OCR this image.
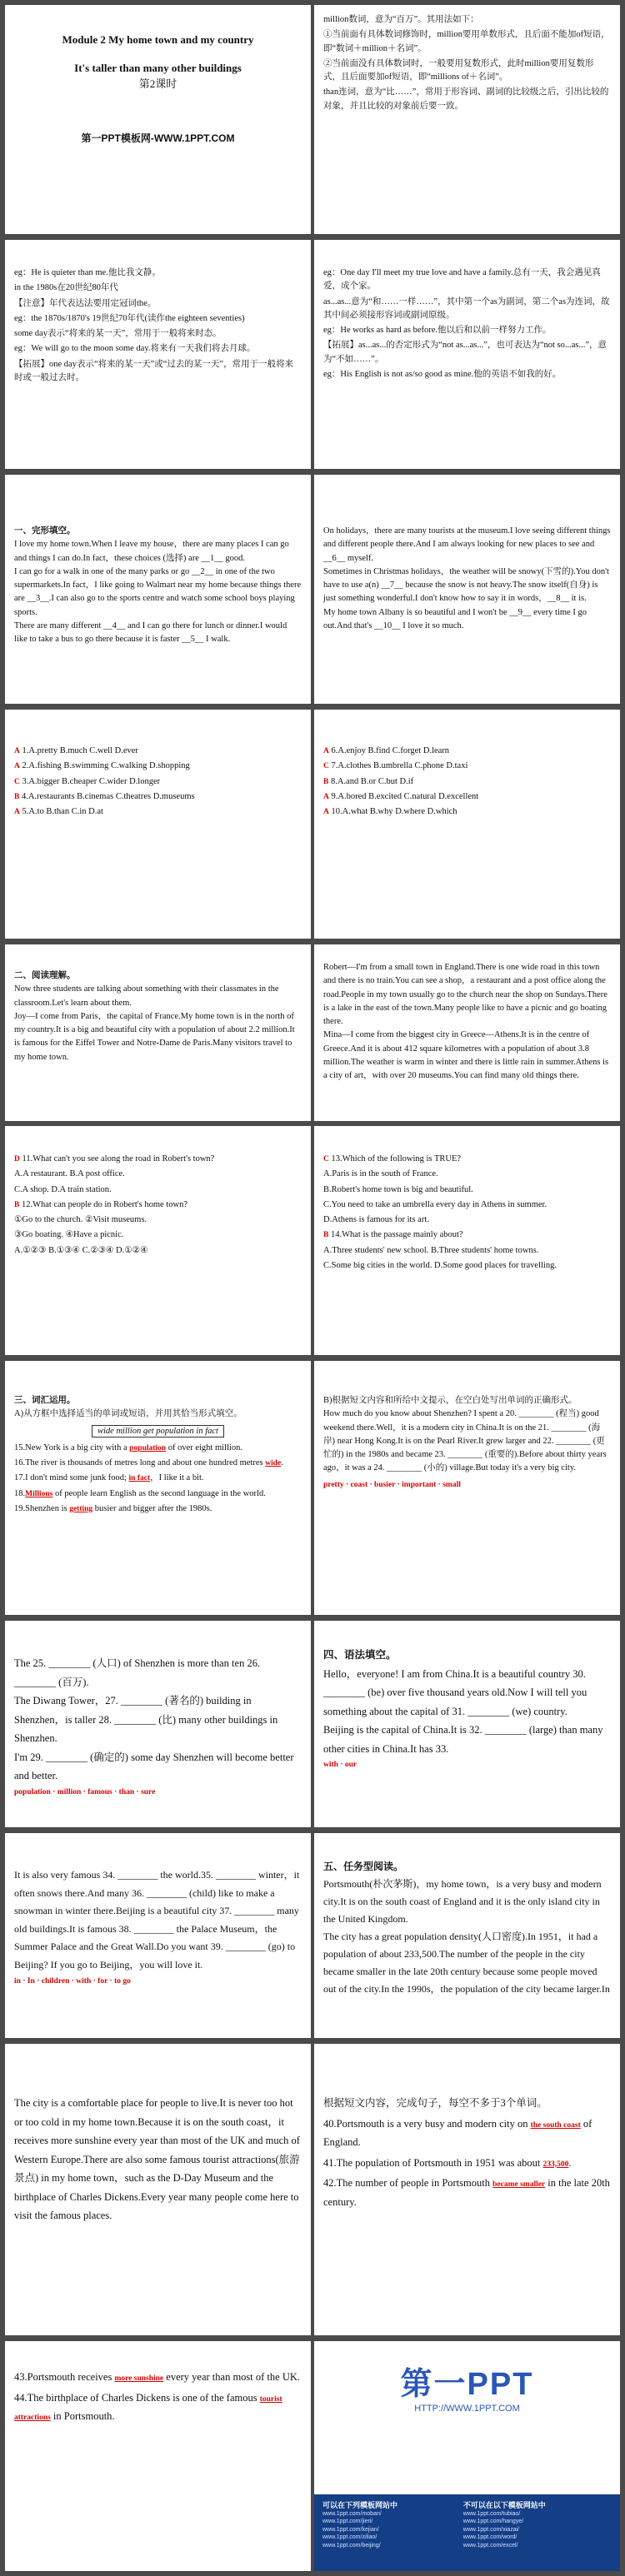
Module 2 My home town and my country
It's taller than many other buildings
第2课时
第一PPT模板网-WWW.1PPT.COM

million数词，意为“百万”。其用法如下：

①当前面有具体数词修饰时，million要用单数形式，且后面不能加of短语，即“数词＋million＋名词”。

②当前面没有具体数词时，一般要用复数形式，此时million要用复数形式，且后面要加of短语，即“millions of＋名词”。

than连词，意为“比……”，常用于形容词、副词的比较级之后，引出比较的对象，并且比较的对象前后要一致。

eg：He is quieter than me.他比我文静。

in the 1980s在20世纪80年代

【注意】年代表达法要用定冠词the。

eg：the 1870s/1870's 19世纪70年代(读作the eighteen seventies)

some day表示“将来的某一天”，常用于一般将来时态。

eg：We will go to the moon some day.将来有一天我们将去月球。

【拓展】one day表示“将来的某一天”或“过去的某一天”，常用于一般将来时或一般过去时。

eg：One day I'll meet my true love and have a family.总有一天，我会遇见真爱，成个家。

as...as...意为“和……一样……”，其中第一个as为副词，第二个as为连词，故其中间必须接形容词或副词原级。

eg：He works as hard as before.他以后和以前一样努力工作。

【拓展】as...as...的否定形式为“not as...as...”，也可表达为“not so...as...”，意为“不如……”。

eg：His English is not as/so good as mine.他的英语不如我的好。

一、完形填空。

I love my home town.When I leave my house，there are many places I can go and things I can do.In fact，these choices (选择) are __1__ good.
I can go for a walk in one of the many parks or go __2__ in one of the two supermarkets.In fact，I like going to Walmart near my home because things there are __3__.I can also go to the sports centre and watch some school boys playing sports.
There are many different __4__ and I can go there for lunch or dinner.I would like to take a bus to go there because it is faster __5__ I walk.

On holidays，there are many tourists at the museum.I love seeing different things and different people there.And I am always looking for new places to see and __6__ myself.
Sometimes in Christmas holidays，the weather will be snowy(下雪的).You don't have to use a(n) __7__ because the snow is not heavy.The snow itself(自身) is just something wonderful.I don't know how to say it in words，__8__ it is.
My home town Albany is so beautiful and I won't be __9__ every time I go out.And that's __10__ I love it so much.

A 1.A.pretty B.much C.well D.ever

A 2.A.fishing B.swimming C.walking D.shopping

C 3.A.bigger B.cheaper C.wider D.longer

B 4.A.restaurants B.cinemas C.theatres D.museums

A 5.A.to B.than C.in D.at

A 6.A.enjoy B.find C.forget D.learn

C 7.A.clothes B.umbrella C.phone D.taxi

B 8.A.and B.or C.but D.if

A 9.A.bored B.excited C.natural D.excellent

A 10.A.what B.why D.where D.which

二、阅读理解。

Now three students are talking about something with their classmates in the classroom.Let's learn about them.
Joy—I come from Paris，the capital of France.My home town is in the north of my country.It is a big and beautiful city with a population of about 2.2 million.It is famous for the Eiffel Tower and Notre-Dame de Paris.Many visitors travel to my home town.

Robert—I'm from a small town in England.There is one wide road in this town and there is no train.You can see a shop，a restaurant and a post office along the road.People in my town usually go to the church near the shop on Sundays.There is a lake in the east of the town.Many people like to have a picnic and go boating there.
Mina—I come from the biggest city in Greece—Athens.It is in the centre of Greece.And it is about 412 square kilometres with a population of about 3.8 million.The weather is warm in winter and there is little rain in summer.Athens is a city of art，with over 20 museums.You can find many old things there.

D 11.What can't you see along the road in Robert's town?

A.A restaurant. B.A post office.

C.A shop. D.A train station.

B 12.What can people do in Robert's home town?

①Go to the church. ②Visit museums.

③Go boating. ④Have a picnic.

A.①②③ B.①③④ C.②③④ D.①②④

C 13.Which of the following is TRUE?

A.Paris is in the south of France.

B.Robert's home town is big and beautiful.

C.You need to take an umbrella every day in Athens in summer.

D.Athens is famous for its art.

B 14.What is the passage mainly about?

A.Three students' new school. B.Three students' home towns.

C.Some big cities in the world. D.Some good places for travelling.

三、词汇运用。

A)从方框中选择适当的单词或短语，并用其恰当形式填空。

wide million get population in fact

15.New York is a big city with a population of over eight million.

16.The river is thousands of metres long and about one hundred metres wide.

17.I don't mind some junk food; in fact，I like it a bit.

18.Millions of people learn English as the second language in the world.

19.Shenzhen is getting busier and bigger after the 1980s.

B)根据短文内容和所给中文提示，在空白处写出单词的正确形式。

How much do you know about Shenzhen? I spent a 20. ________ (程当) good weekend there.Well，it is a modern city in China.It is on the 21. ________ (海岸) near Hong Kong.It is on the Pearl River.It grew larger and 22. ________ (更忙的) in the 1980s and became 23. ________ (重要的).Before about thirty years ago，it was a 24. ________ (小的) village.But today it's a very big city.

pretty · coast · busier · important · small

The 25. ________ (人口) of Shenzhen is more than ten 26. ________ (百万).
The Diwang Tower，27. ________ (著名的) building in Shenzhen，is taller 28. ________ (比) many other buildings in Shenzhen.
I'm 29. ________ (确定的) some day Shenzhen will become better and better.

population · million · famous · than · sure

四、语法填空。

Hello，everyone! I am from China.It is a beautiful country 30. ________ (be) over five thousand years old.Now I will tell you something about the capital of 31. ________ (we) country.
Beijing is the capital of China.It is 32. ________ (large) than many other cities in China.It has 33.

with · our

It is also very famous 34. ________ the world.35. ________ winter，it often snows there.And many 36. ________ (child) like to make a snowman in winter there.Beijing is a beautiful city 37. ________ many old buildings.It is famous 38. ________ the Palace Museum，the Summer Palace and the Great Wall.Do you want 39. ________ (go) to Beijing? If you go to Beijing，you will love it.

in · In · children · with · for · to go

五、任务型阅读。

Portsmouth(朴次茅斯)，my home town，is a very busy and modern city.It is on the south coast of England and it is the only island city in the United Kingdom.
The city has a great population density(人口密度).In 1951，it had a population of about 233,500.The number of the people in the city became smaller in the late 20th century because some people moved out of the city.In the 1990s，the population of the city became larger.In

The city is a comfortable place for people to live.It is never too hot or too cold in my home town.Because it is on the south coast，it receives more sunshine every year than most of the UK and much of Western Europe.There are also some famous tourist attractions(旅游景点) in my home town，such as the D-Day Museum and the birthplace of Charles Dickens.Every year many people come here to visit the famous places.

根据短文内容，完成句子，每空不多于3个单词。

40.Portsmouth is a very busy and modern city on the south coast of England.

41.The population of Portsmouth in 1951 was about 233,500.

42.The number of people in Portsmouth became smaller in the late 20th century.

43.Portsmouth receives more sunshine every year than most of the UK.

44.The birthplace of Charles Dickens is one of the famous tourist attractions in Portsmouth.

第一PPT
HTTP://WWW.1PPT.COM
可以在下列模板网站中
www.1ppt.com/moban/
www.1ppt.com/jieri/
www.1ppt.com/kejian/
www.1ppt.com/ziliao/
www.1ppt.com/beijing/

不可以在以下模板网站中
www.1ppt.com/tubiao/
www.1ppt.com/hangye/
www.1ppt.com/xiazai/
www.1ppt.com/word/
www.1ppt.com/excel/
